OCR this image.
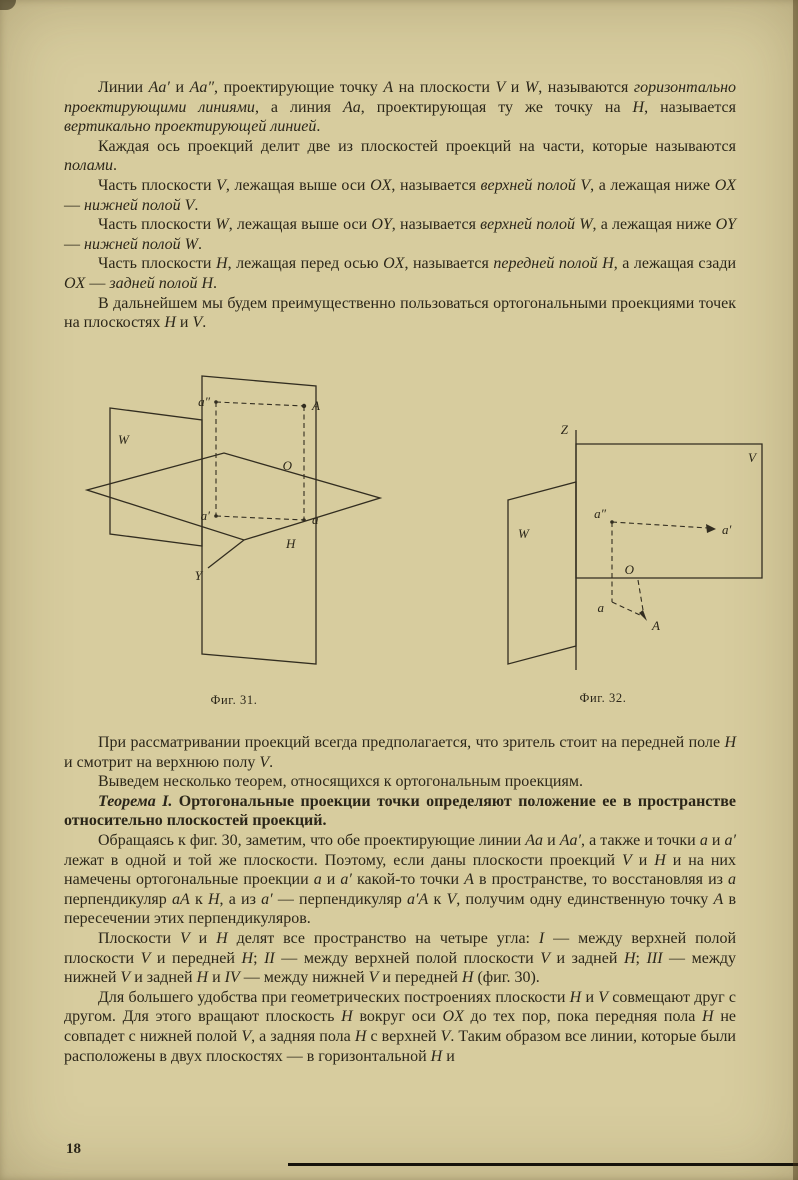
Линии Aa′ и Aa″, проектирующие точку A на плоскости V и W, называются горизонтально проектирующими линиями, а линия Aa, проектирующая ту же точку на H, называется вертикально проектирующей линией.

Каждая ось проекций делит две из плоскостей проекций на части, которые называются полами.

Часть плоскости V, лежащая выше оси OX, называется верхней полой V, а лежащая ниже OX — нижней полой V.

Часть плоскости W, лежащая выше оси OY, называется верхней полой W, а лежащая ниже OY — нижней полой W.

Часть плоскости H, лежащая перед осью OX, называется передней полой H, а лежащая сзади OX — задней полой H.

В дальнейшем мы будем преимущественно пользоваться ортогональными проекциями точек на плоскостях H и V.

a″	A
W
O
a′	a
H
Y
Фиг. 31.
Z
V
W
a″
a′
O
a
A
Фиг. 32.

При рассматривании проекций всегда предполагается, что зритель стоит на передней поле H и смотрит на верхнюю полу V.

Выведем несколько теорем, относящихся к ортогональным проекциям.

Теорема I. Ортогональные проекции точки определяют положение ее в пространстве относительно плоскостей проекций.

Обращаясь к фиг. 30, заметим, что обе проектирующие линии Aa и Aa′, а также и точки a и a′ лежат в одной и той же плоскости. Поэтому, если даны плоскости проекций V и H и на них намечены ортогональные проекции a и a′ какой-то точки A в пространстве, то восстановляя из a перпендикуляр aA к H, а из a′ — перпендикуляр a′A к V, получим одну единственную точку A в пересечении этих перпендикуляров.

Плоскости V и H делят все пространство на четыре угла: I — между верхней полой плоскости V и передней H; II — между верхней полой плоскости V и задней H; III — между нижней V и задней H и IV — между нижней V и передней H (фиг. 30).

Для большего удобства при геометрических построениях плоскости H и V совмещают друг с другом. Для этого вращают плоскость H вокруг оси OX до тех пор, пока передняя пола H не совпадет с нижней полой V, а задняя пола H с верхней V. Таким образом все линии, которые были расположены в двух плоскостях — в горизонтальной H и

18
